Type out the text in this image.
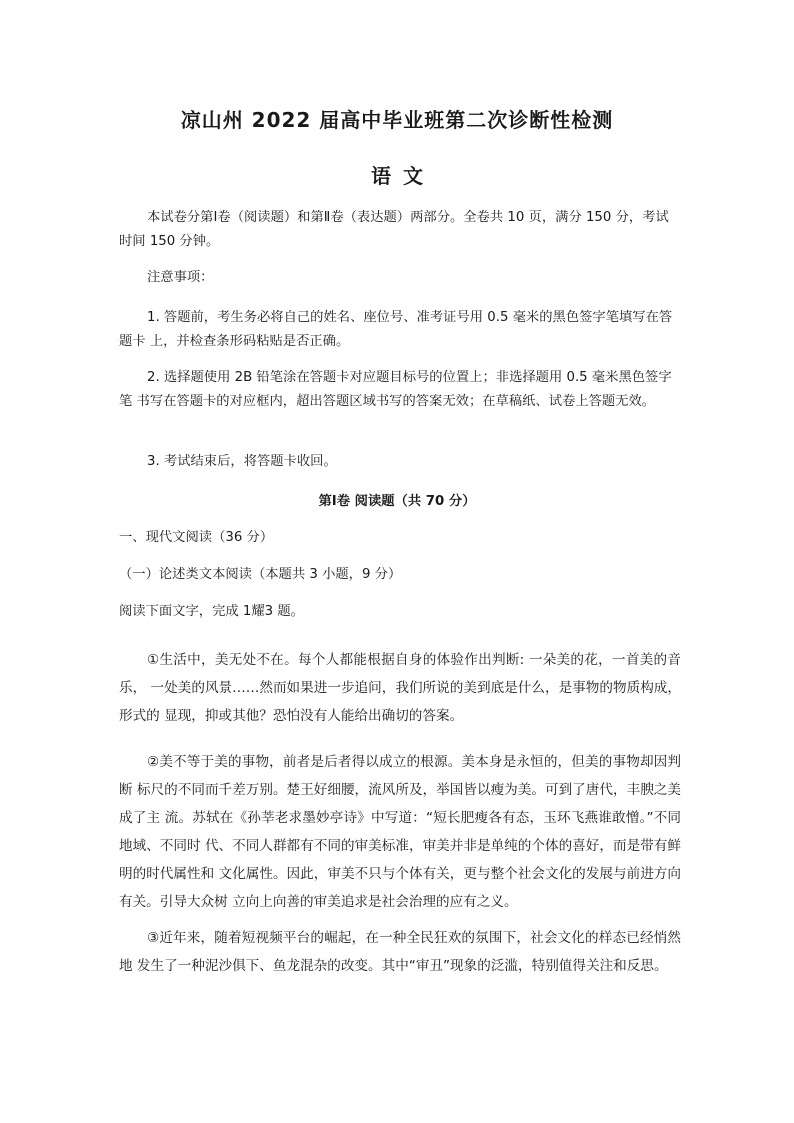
凉山州 2022 届高中毕业班第二次诊断性检测
语文

本试卷分第Ⅰ卷（阅读题）和第Ⅱ卷（表达题）两部分。全卷共 10 页，满分 150 分，考试时间 150 分钟。

注意事项：

1. 答题前，考生务必将自己的姓名、座位号、准考证号用 0.5 毫米的黑色签字笔填写在答题卡 上，并检查条形码粘贴是否正确。

2. 选择题使用 2B 铅笔涂在答题卡对应题目标号的位置上；非选择题用 0.5 毫米黑色签字笔 书写在答题卡的对应框内，超出答题区域书写的答案无效；在草稿纸、试卷上答题无效。

3. 考试结束后，将答题卡收回。

第Ⅰ卷 阅读题（共 70 分）

一、现代文阅读（36 分）

（一）论述类文本阅读（本题共 3 小题，9 分）

阅读下面文字，完成 1耀3 题。

①生活中，美无处不在。每个人都能根据自身的体验作出判断: 一朵美的花，一首美的音乐， 一处美的风景……然而如果进一步追问，我们所说的美到底是什么，是事物的物质构成，形式的 显现，抑或其他？恐怕没有人能给出确切的答案。

②美不等于美的事物，前者是后者得以成立的根源。美本身是永恒的，但美的事物却因判断 标尺的不同而千差万别。楚王好细腰，流风所及，举国皆以瘦为美。可到了唐代，丰腴之美成了主 流。苏轼在《孙莘老求墨妙亭诗》中写道：“短长肥瘦各有态，玉环飞燕谁敢憎。”不同地域、不同时 代、不同人群都有不同的审美标准，审美并非是单纯的个体的喜好，而是带有鲜明的时代属性和 文化属性。因此，审美不只与个体有关，更与整个社会文化的发展与前进方向有关。引导大众树 立向上向善的审美追求是社会治理的应有之义。

③近年来，随着短视频平台的崛起，在一种全民狂欢的氛围下，社会文化的样态已经悄然地 发生了一种泥沙俱下、鱼龙混杂的改变。其中“审丑”现象的泛滥，特别值得关注和反思。
